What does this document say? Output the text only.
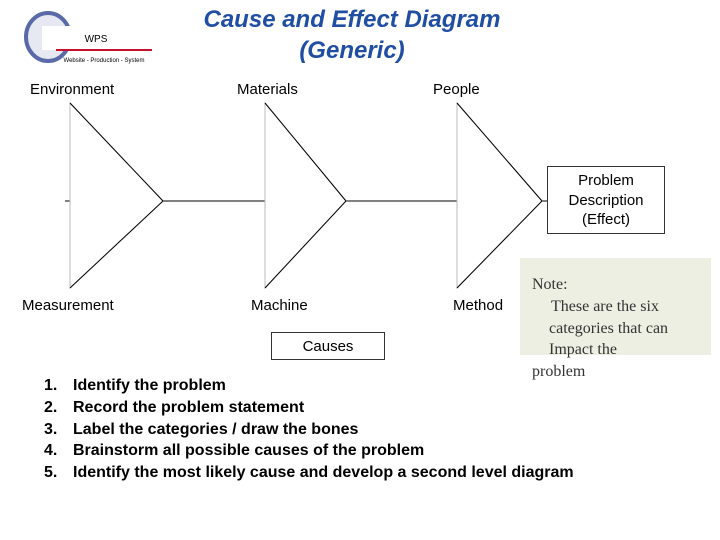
WPS
Website - Production - System
Cause and Effect Diagram
(Generic)
Environment	Materials	People
Measurement	Machine	Method
Problem
Description
(Effect)
Note:
These are the six
categories that can
Impact the
problem
Causes
1. Identify the problem
2. Record the problem statement
3. Label the categories / draw the bones
4. Brainstorm all possible causes of the problem
5. Identify the most likely cause and develop a second level diagram
